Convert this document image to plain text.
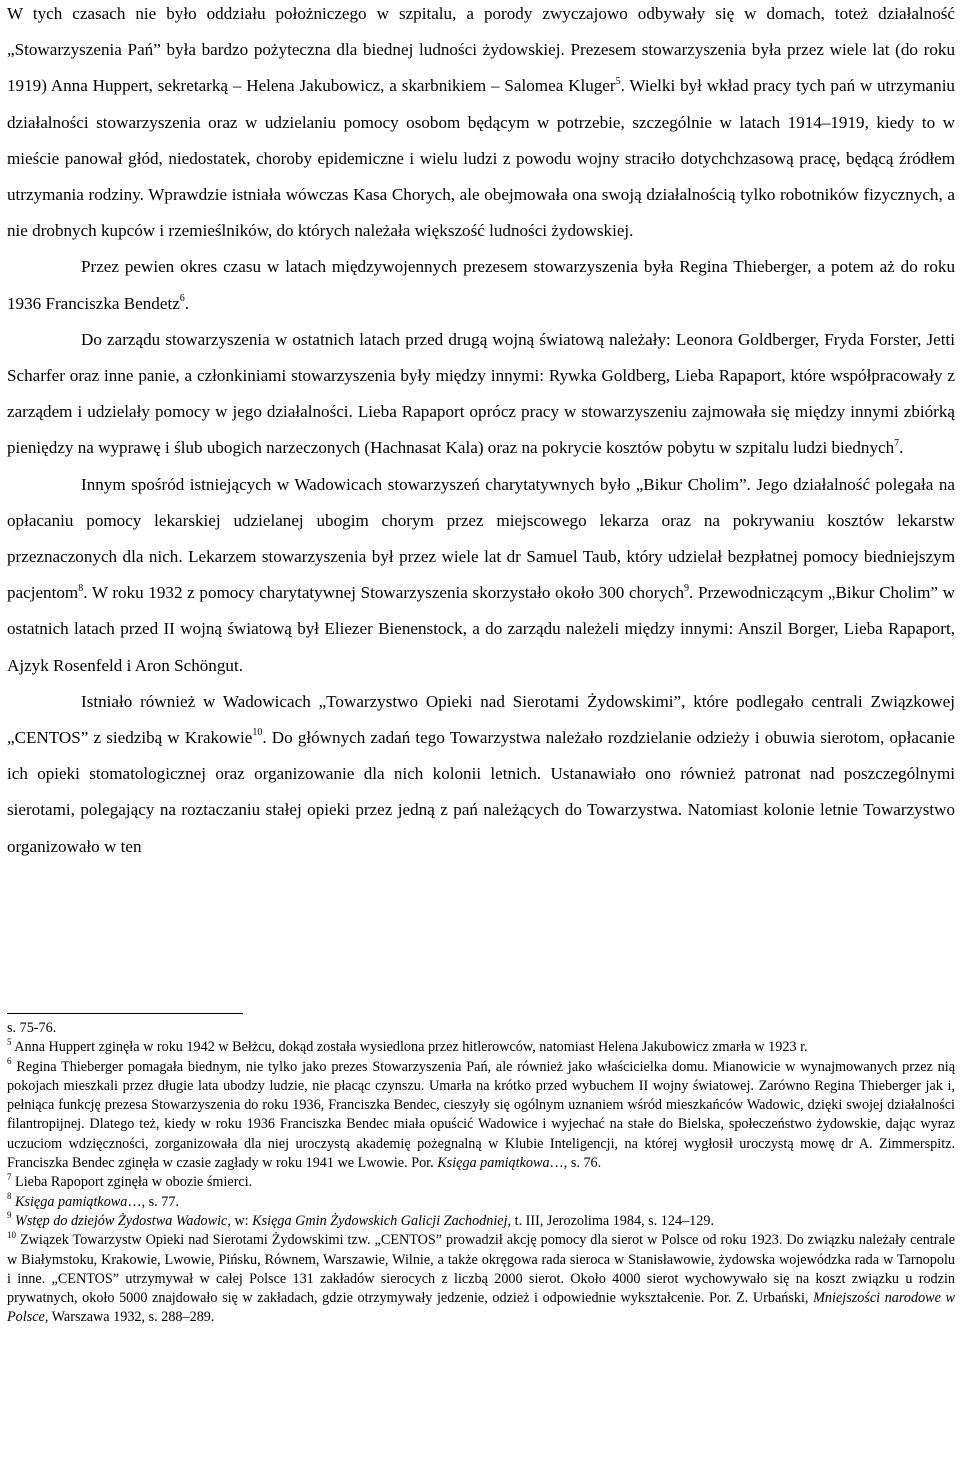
W tych czasach nie było oddziału położniczego w szpitalu, a porody zwyczajowo odbywały się w domach, toteż działalność „Stowarzyszenia Pań” była bardzo pożyteczna dla biednej ludności żydowskiej. Prezesem stowarzyszenia była przez wiele lat (do roku 1919) Anna Huppert, sekretarką – Helena Jakubowicz, a skarbnikiem – Salomea Kluger$^5$. Wielki był wkład pracy tych pań w utrzymaniu działalności stowarzyszenia oraz w udzielaniu pomocy osobom będącym w potrzebie, szczególnie w latach 1914–1919, kiedy to w mieście panował głód, niedostatek, choroby epidemiczne i wielu ludzi z powodu wojny straciło dotychchzasową pracę, będącą źródłem utrzymania rodziny. Wprawdzie istniała wówczas Kasa Chorych, ale obejmowała ona swoją działalnością tylko robotników fizycznych, a nie drobnych kupców i rzemieślników, do których należała większość ludności żydowskiej.

Przez pewien okres czasu w latach międzywojennych prezesem stowarzyszenia była Regina Thieberger, a potem aż do roku 1936 Franciszka Bendetz$^6$.

Do zarządu stowarzyszenia w ostatnich latach przed drugą wojną światową należały: Leonora Goldberger, Fryda Forster, Jetti Scharfer oraz inne panie, a członkiniami stowarzyszenia były między innymi: Rywka Goldberg, Lieba Rapaport, które współpracowały z zarządem i udzielały pomocy w jego działalności. Lieba Rapaport oprócz pracy w stowarzyszeniu zajmowała się między innymi zbiórką pieniędzy na wyprawę i ślub ubogich narzeczonych (Hachnasat Kala) oraz na pokrycie kosztów pobytu w szpitalu ludzi biednych$^7$.

Innym spośród istniejących w Wadowicach stowarzyszeń charytatywnych było „Bikur Cholim”. Jego działalność polegała na opłacaniu pomocy lekarskiej udzielanej ubogim chorym przez miejscowego lekarza oraz na pokrywaniu kosztów lekarstw przeznaczonych dla nich. Lekarzem stowarzyszenia był przez wiele lat dr Samuel Taub, który udzielał bezpłatnej pomocy biedniejszym pacjentom$^8$. W roku 1932 z pomocy charytatywnej Stowarzyszenia skorzystało około 300 chorych$^9$. Przewodniczącym „Bikur Cholim” w ostatnich latach przed II wojną światową był Eliezer Bienenstock, a do zarządu należeli między innymi: Anszil Borger, Lieba Rapaport, Ajzyk Rosenfeld i Aron Schöngut.

Istniało również w Wadowicach „Towarzystwo Opieki nad Sierotami Żydowskimi”, które podlegało centrali Związkowej „CENTOS” z siedzibą w Krakowie$^{10}$. Do głównych zadań tego Towarzystwa należało rozdzielanie odzieży i obuwia sierotom, opłacanie ich opieki stomatologicznej oraz organizowanie dla nich kolonii letnich. Ustanawiało ono również patronat nad poszczególnymi sierotami, polegający na roztaczaniu stałej opieki przez jedną z pań należących do Towarzystwa. Natomiast kolonie letnie Towarzystwo organizowało w ten

s. 75-76.

$^5$ Anna Huppert zginęła w roku 1942 w Bełżcu, dokąd została wysiedlona przez hitlerowców, natomiast Helena Jakubowicz zmarła w 1923 r.

$^6$ Regina Thieberger pomagała biednym, nie tylko jako prezes Stowarzyszenia Pań, ale również jako właścicielka domu. Mianowicie w wynajmowanych przez nią pokojach mieszkali przez długie lata ubodzy ludzie, nie płacąc czynszu. Umarła na krótko przed wybuchem II wojny światowej. Zarówno Regina Thieberger jak i, pełniąca funkcję prezesa Stowarzyszenia do roku 1936, Franciszka Bendec, cieszyły się ogólnym uznaniem wśród mieszkańców Wadowic, dzięki swojej działalności filantropijnej. Dlatego też, kiedy w roku 1936 Franciszka Bendec miała opuścić Wadowice i wyjechać na stałe do Bielska, społeczeństwo żydowskie, dając wyraz uczuciom wdzięczności, zorganizowała dla niej uroczystą akademię pożegnalną w Klubie Inteligencji, na której wygłosił uroczystą mowę dr A. Zimmerspitz. Franciszka Bendec zginęła w czasie zagłady w roku 1941 we Lwowie. Por. Księga pamiątkowa…, s. 76.

$^7$ Lieba Rapoport zginęła w obozie śmierci.

$^8$ Księga pamiątkowa…, s. 77.

$^9$ Wstęp do dziejów Żydostwa Wadowic, w: Księga Gmin Żydowskich Galicji Zachodniej, t. III, Jerozolima 1984, s. 124–129.

$^{10}$ Związek Towarzystw Opieki nad Sierotami Żydowskimi tzw. „CENTOS” prowadził akcję pomocy dla sierot w Polsce od roku 1923. Do związku należały centrale w Białymstoku, Krakowie, Lwowie, Pińsku, Równem, Warszawie, Wilnie, a także okręgowa rada sieroca w Stanisławowie, żydowska wojewódzka rada w Tarnopolu i inne. „CENTOS” utrzymywał w całej Polsce 131 zakładów sierocych z liczbą 2000 sierot. Około 4000 sierot wychowywało się na koszt związku u rodzin prywatnych, około 5000 znajdowało się w zakładach, gdzie otrzymywały jedzenie, odzież i odpowiednie wykształcenie. Por. Z. Urbański, Mniejszości narodowe w Polsce, Warszawa 1932, s. 288–289.
